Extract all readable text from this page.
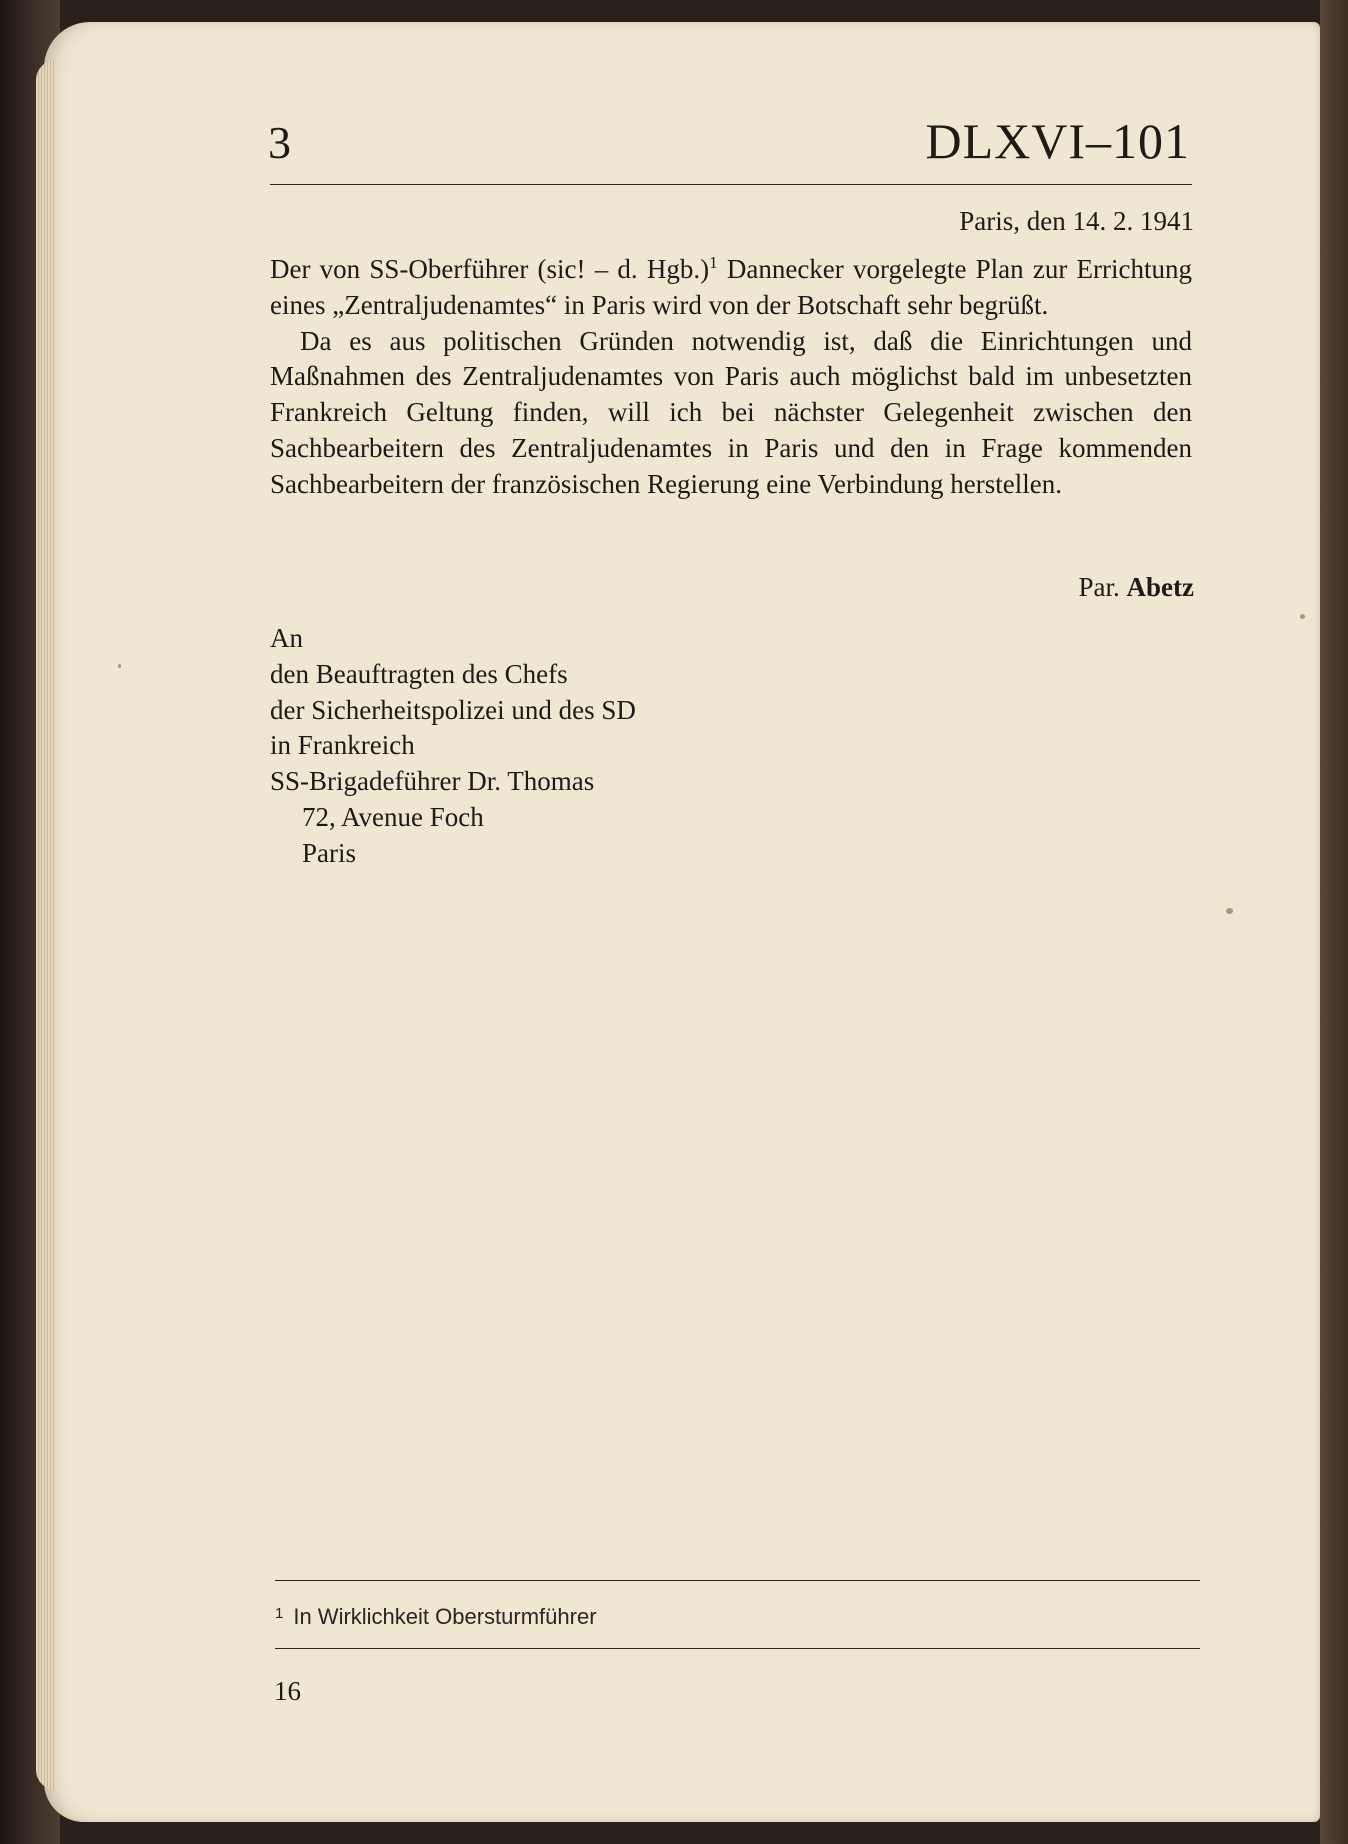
3	DLXVI–101
Paris, den 14. 2. 1941

Der von SS-Oberführer (sic! – d. Hgb.)$^1$ Dannecker vorgelegte Plan zur Errichtung eines „Zentraljudenamtes“ in Paris wird von der Botschaft sehr begrüßt.

Da es aus politischen Gründen notwendig ist, daß die Einrichtungen und Maßnahmen des Zentraljudenamtes von Paris auch möglichst bald im unbesetzten Frankreich Geltung finden, will ich bei nächster Gelegenheit zwischen den Sachbearbeitern des Zentraljudenamtes in Paris und den in Frage kommenden Sachbearbeitern der französischen Regierung eine Verbindung herstellen.

Par. Abetz
An
den Beauftragten des Chefs
der Sicherheitspolizei und des SD
in Frankreich
SS-Brigadeführer Dr. Thomas
72, Avenue Foch
Paris
$^1$ In Wirklichkeit Obersturmführer
16
